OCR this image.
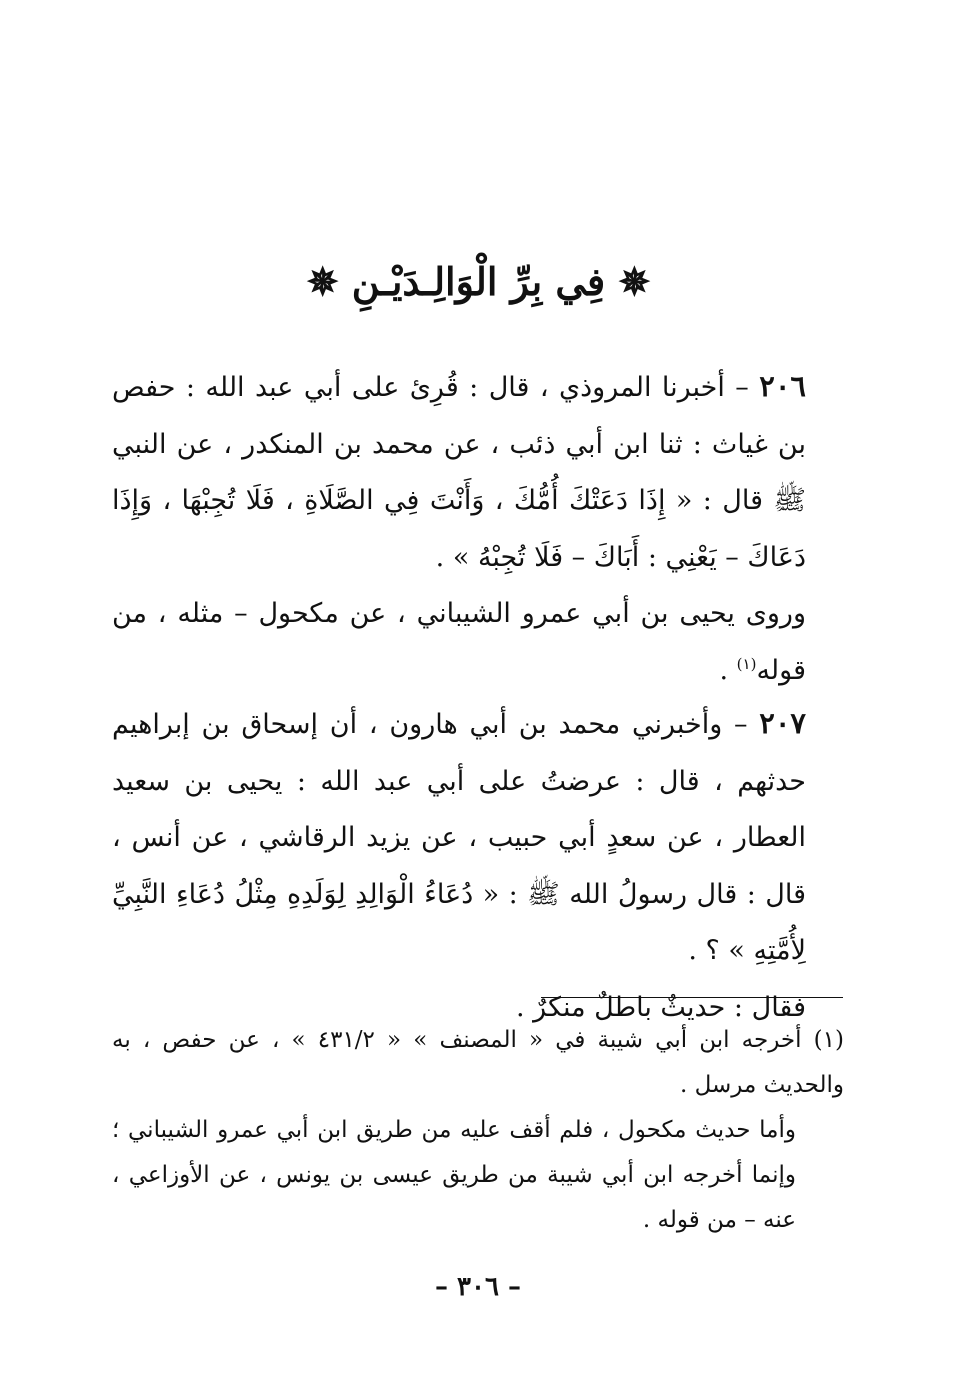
✵ فِي بِرِّ الْوَالِـدَيْـنِ ✵
٢٠٦ – أخبرنا المروذي ، قال : قُرِئ على أبي عبد الله : حفص بن غياث : ثنا ابن أبي ذئب ، عن محمد بن المنكدر ، عن النبي ﷺ قال : « إِذَا دَعَتْكَ أُمُّكَ ، وَأَنْتَ فِي الصَّلَاةِ ، فَلَا تُجِبْهَا ، وَإِذَا دَعَاكَ – يَعْنِي : أَبَاكَ – فَلَا تُجِبْهُ » .
وروى يحيى بن أبي عمرو الشيباني ، عن مكحول – مثله ، من قوله$^{(١)}$ .
٢٠٧ – وأخبرني محمد بن أبي هارون ، أن إسحاق بن إبراهيم حدثهم ، قال : عرضتُ على أبي عبد الله : يحيى بن سعيد العطار ، عن سعدٍ أبي حبيب ، عن يزيد الرقاشي ، عن أنس ، قال : قال رسولُ الله ﷺ : « دُعَاءُ الْوَالِدِ لِوَلَدِهِ مِثْلُ دُعَاءِ النَّبِيِّ لِأُمَّتِهِ » ؟ .
فقال : حديثٌ باطلٌ منكرٌ .
(١) أخرجه ابن أبي شيبة في « المصنف » « ٤٣١/٢ » ، عن حفص ، به والحديث مرسل .
وأما حديث مكحول ، فلم أقف عليه من طريق ابن أبي عمرو الشيباني ؛ وإنما أخرجه ابن أبي شيبة من طريق عيسى بن يونس ، عن الأوزاعي ، عنه – من قوله .
– ٣٠٦ –
